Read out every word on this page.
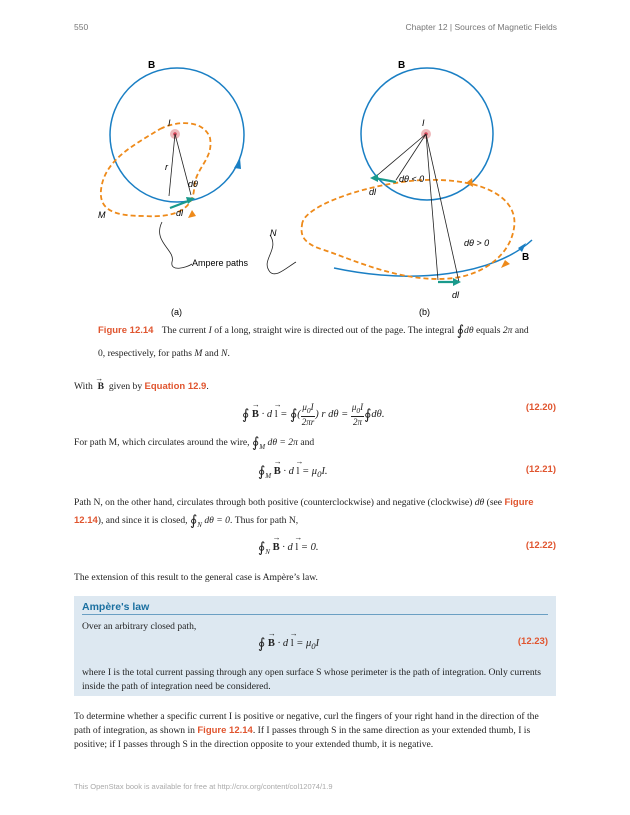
550	Chapter 12 | Sources of Magnetic Fields
B
I
r
dθ
dl
M
Ampere paths
(a)
B
I
dθ < 0
dl
N
dθ > 0
B
dl
(b)
Figure 12.14 The current I of a long, straight wire is directed out of the page. The integral ∮dθ equals 2π and
0, respectively, for paths M and N.
With →  B  given by Equation 12.9.
∮ → B · d → l = ∮( $\frac{\mu_0I}{2\pi r}$ ) r $d\theta = \frac{\mu_0I}{2\pi}$ ∮dθ.
(12.20)
For path M, which circulates around the wire, $∮_M$ dθ = 2π and
$∮_M \to B \cdot d \to l = \mu_0I$.	(12.21)
Path N, on the other hand, circulates through both positive (counterclockwise) and negative (clockwise) dθ (see Figure 12.14), and since it is closed, $∮_N$ dθ = 0. Thus for path N,
$∮_N \to B \cdot d \to l = 0$.	(12.22)
The extension of this result to the general case is Ampère’s law.
Ampère's law
Over an arbitrary closed path,
∮ → $B \cdot d \to l = \mu_0I$	(12.23)
where I is the total current passing through any open surface S whose perimeter is the path of integration. Only currents inside the path of integration need be considered.
To determine whether a specific current I is positive or negative, curl the fingers of your right hand in the direction of the path of integration, as shown in Figure 12.14. If I passes through S in the same direction as your extended thumb, I is positive; if I passes through S in the direction opposite to your extended thumb, it is negative.
This OpenStax book is available for free at http://cnx.org/content/col12074/1.9
